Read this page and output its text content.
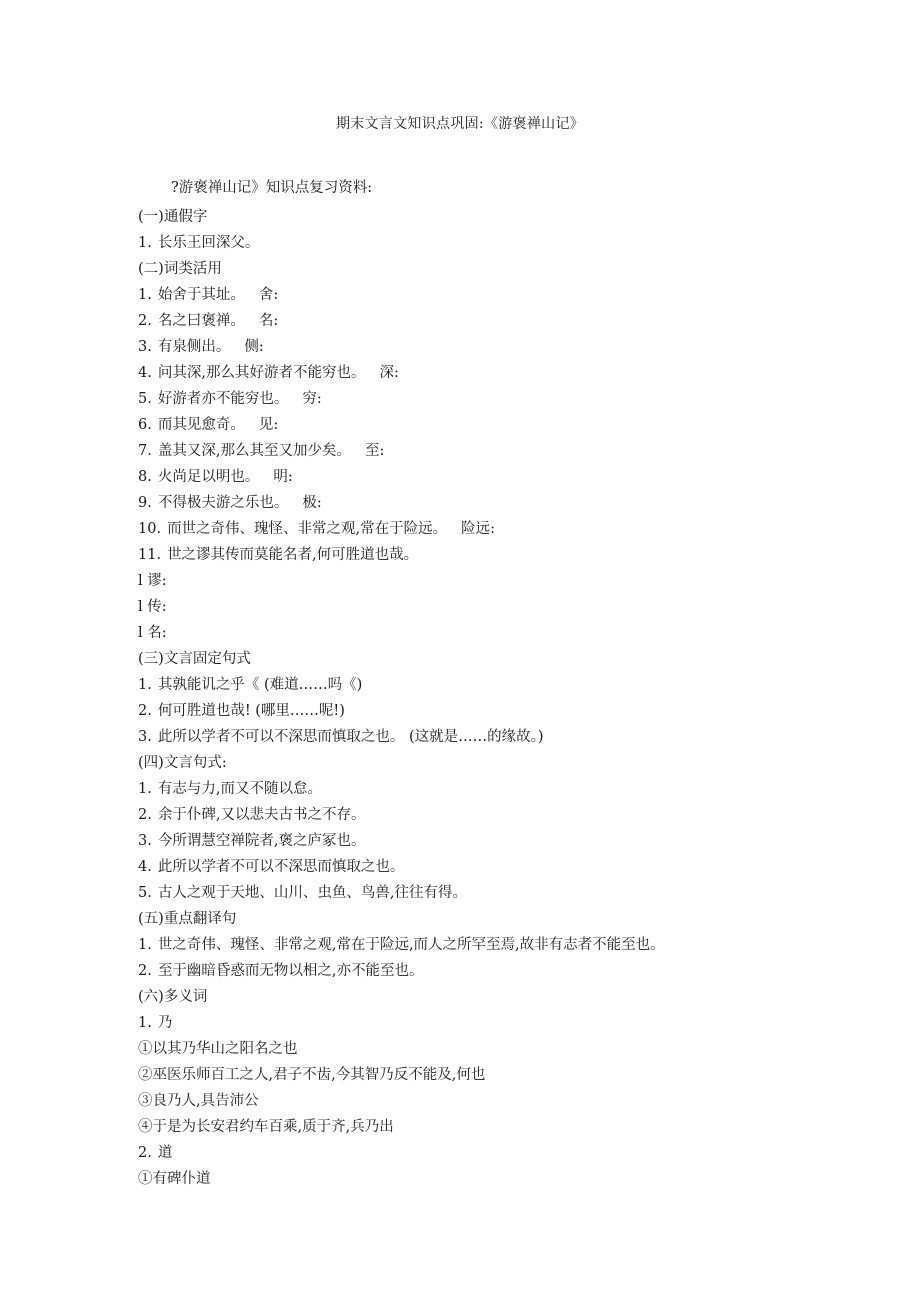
期末文言文知识点巩固:《游褒禅山记》
?游褒禅山记》知识点复习资料:
(一)通假字
1. 长乐王回深父。
(二)词类活用
1. 始舍于其址。 舍:
2. 名之曰褒禅。 名:
3. 有泉侧出。 侧:
4. 问其深,那么其好游者不能穷也。 深:
5. 好游者亦不能穷也。 穷:
6. 而其见愈奇。 见:
7. 盖其又深,那么其至又加少矣。 至:
8. 火尚足以明也。 明:
9. 不得极夫游之乐也。 极:
10. 而世之奇伟、瑰怪、非常之观,常在于险远。 险远:
11. 世之谬其传而莫能名者,何可胜道也哉。
l 谬:
l 传:
l 名:
(三)文言固定句式
1. 其孰能讥之乎《 (难道……吗《)
2. 何可胜道也哉! (哪里……呢!)
3. 此所以学者不可以不深思而慎取之也。 (这就是……的缘故。)
(四)文言句式:
1. 有志与力,而又不随以怠。
2. 余于仆碑,又以悲夫古书之不存。
3. 今所谓慧空禅院者,褒之庐冢也。
4. 此所以学者不可以不深思而慎取之也。
5. 古人之观于天地、山川、虫鱼、鸟兽,往往有得。
(五)重点翻译句
1. 世之奇伟、瑰怪、非常之观,常在于险远,而人之所罕至焉,故非有志者不能至也。
2. 至于幽暗昏惑而无物以相之,亦不能至也。
(六)多义词
1. 乃
①以其乃华山之阳名之也
②巫医乐师百工之人,君子不齿,今其智乃反不能及,何也
③良乃人,具告沛公
④于是为长安君约车百乘,质于齐,兵乃出
2. 道
①有碑仆道
